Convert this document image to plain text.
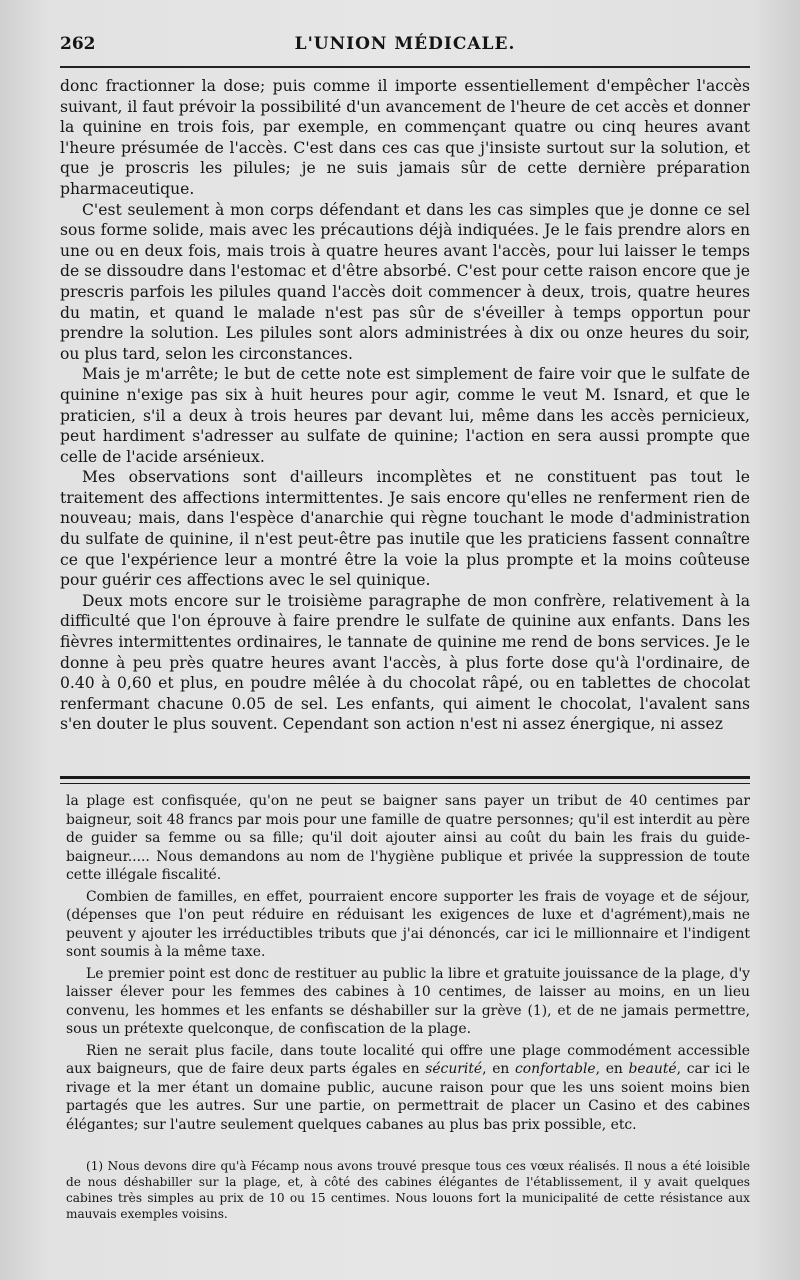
262	L'UNION MÉDICALE.

donc fractionner la dose; puis comme il importe essentiellement d'empêcher l'accès suivant, il faut prévoir la possibilité d'un avancement de l'heure de cet accès et donner la quinine en trois fois, par exemple, en commençant quatre ou cinq heures avant l'heure présumée de l'accès. C'est dans ces cas que j'insiste surtout sur la solution, et que je proscris les pilules; je ne suis jamais sûr de cette dernière préparation pharmaceutique.

C'est seulement à mon corps défendant et dans les cas simples que je donne ce sel sous forme solide, mais avec les précautions déjà indiquées. Je le fais prendre alors en une ou en deux fois, mais trois à quatre heures avant l'accès, pour lui laisser le temps de se dissoudre dans l'estomac et d'être absorbé. C'est pour cette raison encore que je prescris parfois les pilules quand l'accès doit commencer à deux, trois, quatre heures du matin, et quand le malade n'est pas sûr de s'éveiller à temps opportun pour prendre la solution. Les pilules sont alors administrées à dix ou onze heures du soir, ou plus tard, selon les circonstances.

Mais je m'arrête; le but de cette note est simplement de faire voir que le sulfate de quinine n'exige pas six à huit heures pour agir, comme le veut M. Isnard, et que le praticien, s'il a deux à trois heures par devant lui, même dans les accès pernicieux, peut hardiment s'adresser au sulfate de quinine; l'action en sera aussi prompte que celle de l'acide arsénieux.

Mes observations sont d'ailleurs incomplètes et ne constituent pas tout le traitement des affections intermittentes. Je sais encore qu'elles ne renferment rien de nouveau; mais, dans l'espèce d'anarchie qui règne touchant le mode d'administration du sulfate de quinine, il n'est peut-être pas inutile que les praticiens fassent connaître ce que l'expérience leur a montré être la voie la plus prompte et la moins coûteuse pour guérir ces affections avec le sel quinique.

Deux mots encore sur le troisième paragraphe de mon confrère, relativement à la difficulté que l'on éprouve à faire prendre le sulfate de quinine aux enfants. Dans les fièvres intermittentes ordinaires, le tannate de quinine me rend de bons services. Je le donne à peu près quatre heures avant l'accès, à plus forte dose qu'à l'ordinaire, de 0.40 à 0,60 et plus, en poudre mêlée à du chocolat râpé, ou en tablettes de chocolat renfermant chacune 0.05 de sel. Les enfants, qui aiment le chocolat, l'avalent sans s'en douter le plus souvent. Cependant son action n'est ni assez énergique, ni assez

la plage est confisquée, qu'on ne peut se baigner sans payer un tribut de 40 centimes par baigneur, soit 48 francs par mois pour une famille de quatre personnes; qu'il est interdit au père de guider sa femme ou sa fille; qu'il doit ajouter ainsi au coût du bain les frais du guide-baigneur..... Nous demandons au nom de l'hygiène publique et privée la suppression de toute cette illégale fiscalité.

Combien de familles, en effet, pourraient encore supporter les frais de voyage et de séjour, (dépenses que l'on peut réduire en réduisant les exigences de luxe et d'agrément),mais ne peuvent y ajouter les irréductibles tributs que j'ai dénoncés, car ici le millionnaire et l'indigent sont soumis à la même taxe.

Le premier point est donc de restituer au public la libre et gratuite jouissance de la plage, d'y laisser élever pour les femmes des cabines à 10 centimes, de laisser au moins, en un lieu convenu, les hommes et les enfants se déshabiller sur la grève (1), et de ne jamais permettre, sous un prétexte quelconque, de confiscation de la plage.

Rien ne serait plus facile, dans toute localité qui offre une plage commodément accessible aux baigneurs, que de faire deux parts égales en sécurité, en confortable, en beauté, car ici le rivage et la mer étant un domaine public, aucune raison pour que les uns soient moins bien partagés que les autres. Sur une partie, on permettrait de placer un Casino et des cabines élégantes; sur l'autre seulement quelques cabanes au plus bas prix possible, etc.

(1) Nous devons dire qu'à Fécamp nous avons trouvé presque tous ces vœux réalisés. Il nous a été loisible de nous déshabiller sur la plage, et, à côté des cabines élégantes de l'établissement, il y avait quelques cabines très simples au prix de 10 ou 15 centimes. Nous louons fort la municipalité de cette résistance aux mauvais exemples voisins.
